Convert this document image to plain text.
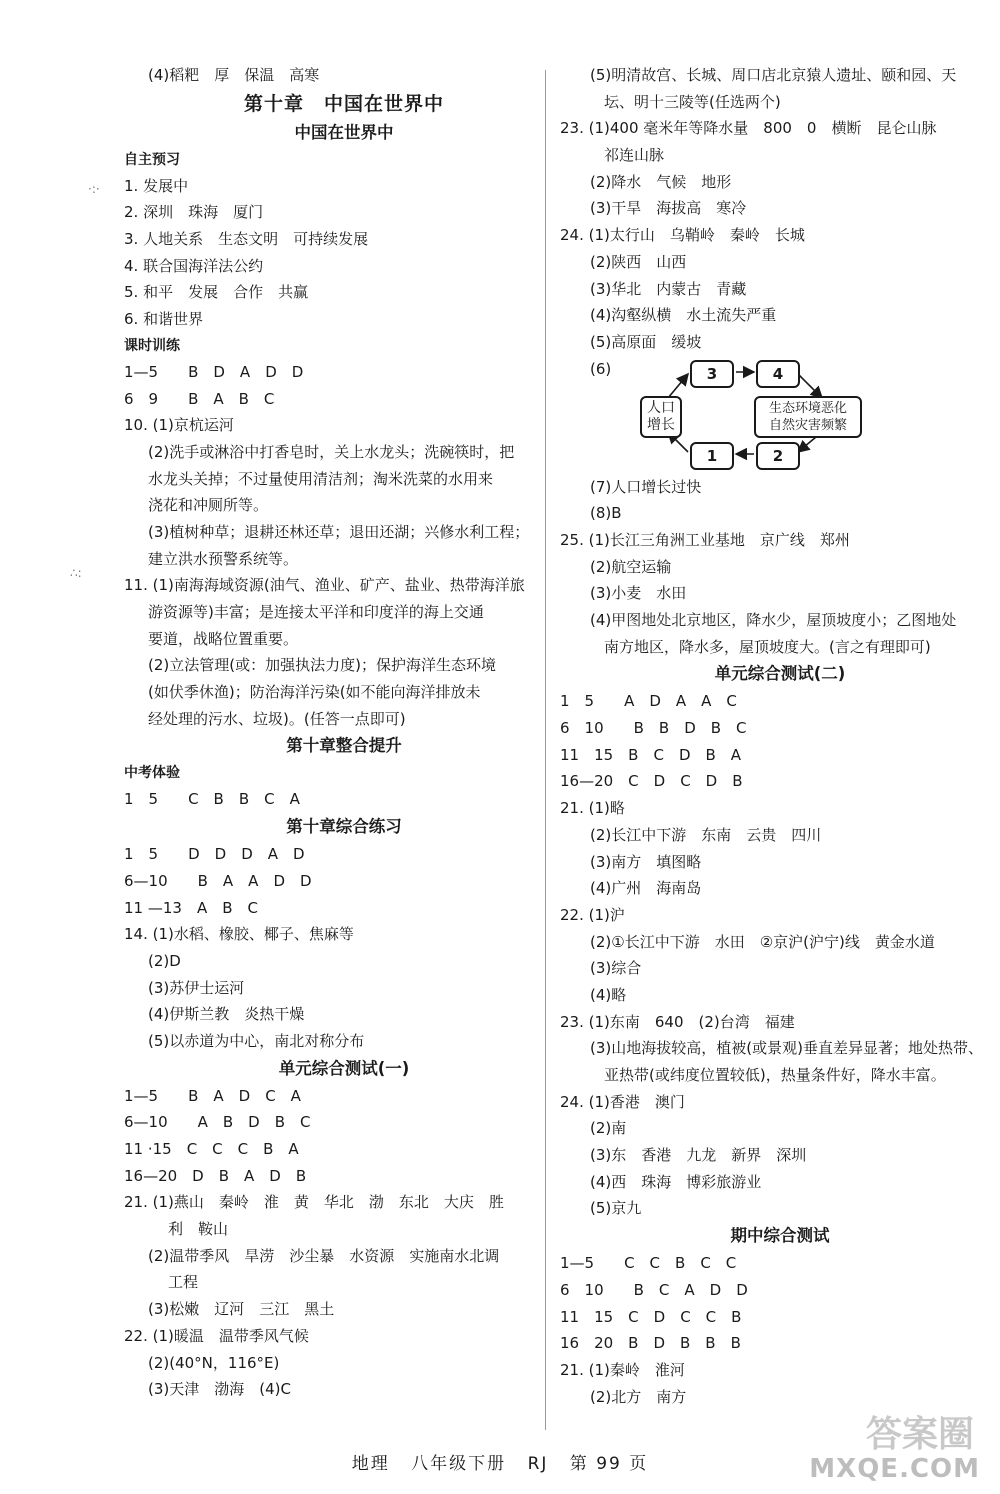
(4)稻粑　厚　保温　高寒
第十章　中国在世界中
中国在世界中
自主预习
1. 发展中
2. 深圳　珠海　厦门
3. 人地关系　生态文明　可持续发展
4. 联合国海洋法公约
5. 和平　发展　合作　共赢
6. 和谐世界
课时训练
1—5　　B　D　A　D　D
6　9　　B　A　B　C
10. (1)京杭运河
(2)洗手或淋浴中打香皂时，关上水龙头；洗碗筷时，把
水龙头关掉；不过量使用清洁剂；淘米洗菜的水用来
浇花和冲厕所等。
(3)植树种草；退耕还林还草；退田还湖；兴修水利工程；
建立洪水预警系统等。
11. (1)南海海域资源(油气、渔业、矿产、盐业、热带海洋旅
游资源等)丰富；是连接太平洋和印度洋的海上交通
要道，战略位置重要。
(2)立法管理(或：加强执法力度)；保护海洋生态环境
(如伏季休渔)；防治海洋污染(如不能向海洋排放未
经处理的污水、垃圾)。(任答一点即可)
第十章整合提升
中考体验
1　5　　C　B　B　C　A
第十章综合练习
1　5　　D　D　D　A　D
6—10　　B　A　A　D　D
11 —13　A　B　C
14. (1)水稻、橡胶、椰子、焦麻等
(2)D
(3)苏伊士运河
(4)伊斯兰教　炎热干燥
(5)以赤道为中心，南北对称分布
单元综合测试(一)
1—5　　B　A　D　C　A
6—10　　A　B　D　B　C
11 ·15　C　C　C　B　A
16—20　D　B　A　D　B
21. (1)燕山　秦岭　淮　黄　华北　渤　东北　大庆　胜
利　鞍山
(2)温带季风　旱涝　沙尘暴　水资源　实施南水北调
工程
(3)松嫩　辽河　三江　黑土
22. (1)暖温　温带季风气候
(2)(40°N，116°E)
(3)天津　渤海　(4)C
(5)明清故宫、长城、周口店北京猿人遗址、颐和园、天
坛、明十三陵等(任选两个)
23. (1)400 毫米年等降水量　800　0　横断　昆仑山脉
祁连山脉
(2)降水　气候　地形
(3)干旱　海拔高　寒冷
24. (1)太行山　乌鞘岭　秦岭　长城
(2)陕西　山西
(3)华北　内蒙古　青藏
(4)沟壑纵横　水土流失严重
(5)高原面　缓坡
(6)	3	4
人口
增长
生态环境恶化
自然灾害频繁
1	2
(7)人口增长过快
(8)B
25. (1)长江三角洲工业基地　京广线　郑州
(2)航空运输
(3)小麦　水田
(4)甲图地处北京地区，降水少，屋顶坡度小；乙图地处
南方地区，降水多，屋顶坡度大。(言之有理即可)
单元综合测试(二)
1　5　　A　D　A　A　C
6　10　　B　B　D　B　C
11　15　B　C　D　B　A
16—20　C　D　C　D　B
21. (1)略
(2)长江中下游　东南　云贵　四川
(3)南方　填图略
(4)广州　海南岛
22. (1)沪
(2)①长江中下游　水田　②京沪(沪宁)线　黄金水道
(3)综合
(4)略
23. (1)东南　640　(2)台湾　福建
(3)山地海拔较高，植被(或景观)垂直差异显著；地处热带、
亚热带(或纬度位置较低)，热量条件好，降水丰富。
24. (1)香港　澳门
(2)南
(3)东　香港　九龙　新界　深圳
(4)西　珠海　博彩旅游业
(5)京九
期中综合测试
1—5　　C　C　B　C　C
6　10　　B　C　A　D　D
11　15　C　D　C　C　B
16　20　B　D　B　B　B
21. (1)秦岭　淮河
(2)北方　南方
地理 八年级下册 RJ 第 99 页
答案圈
MXQE.COM
·:·
∴:
